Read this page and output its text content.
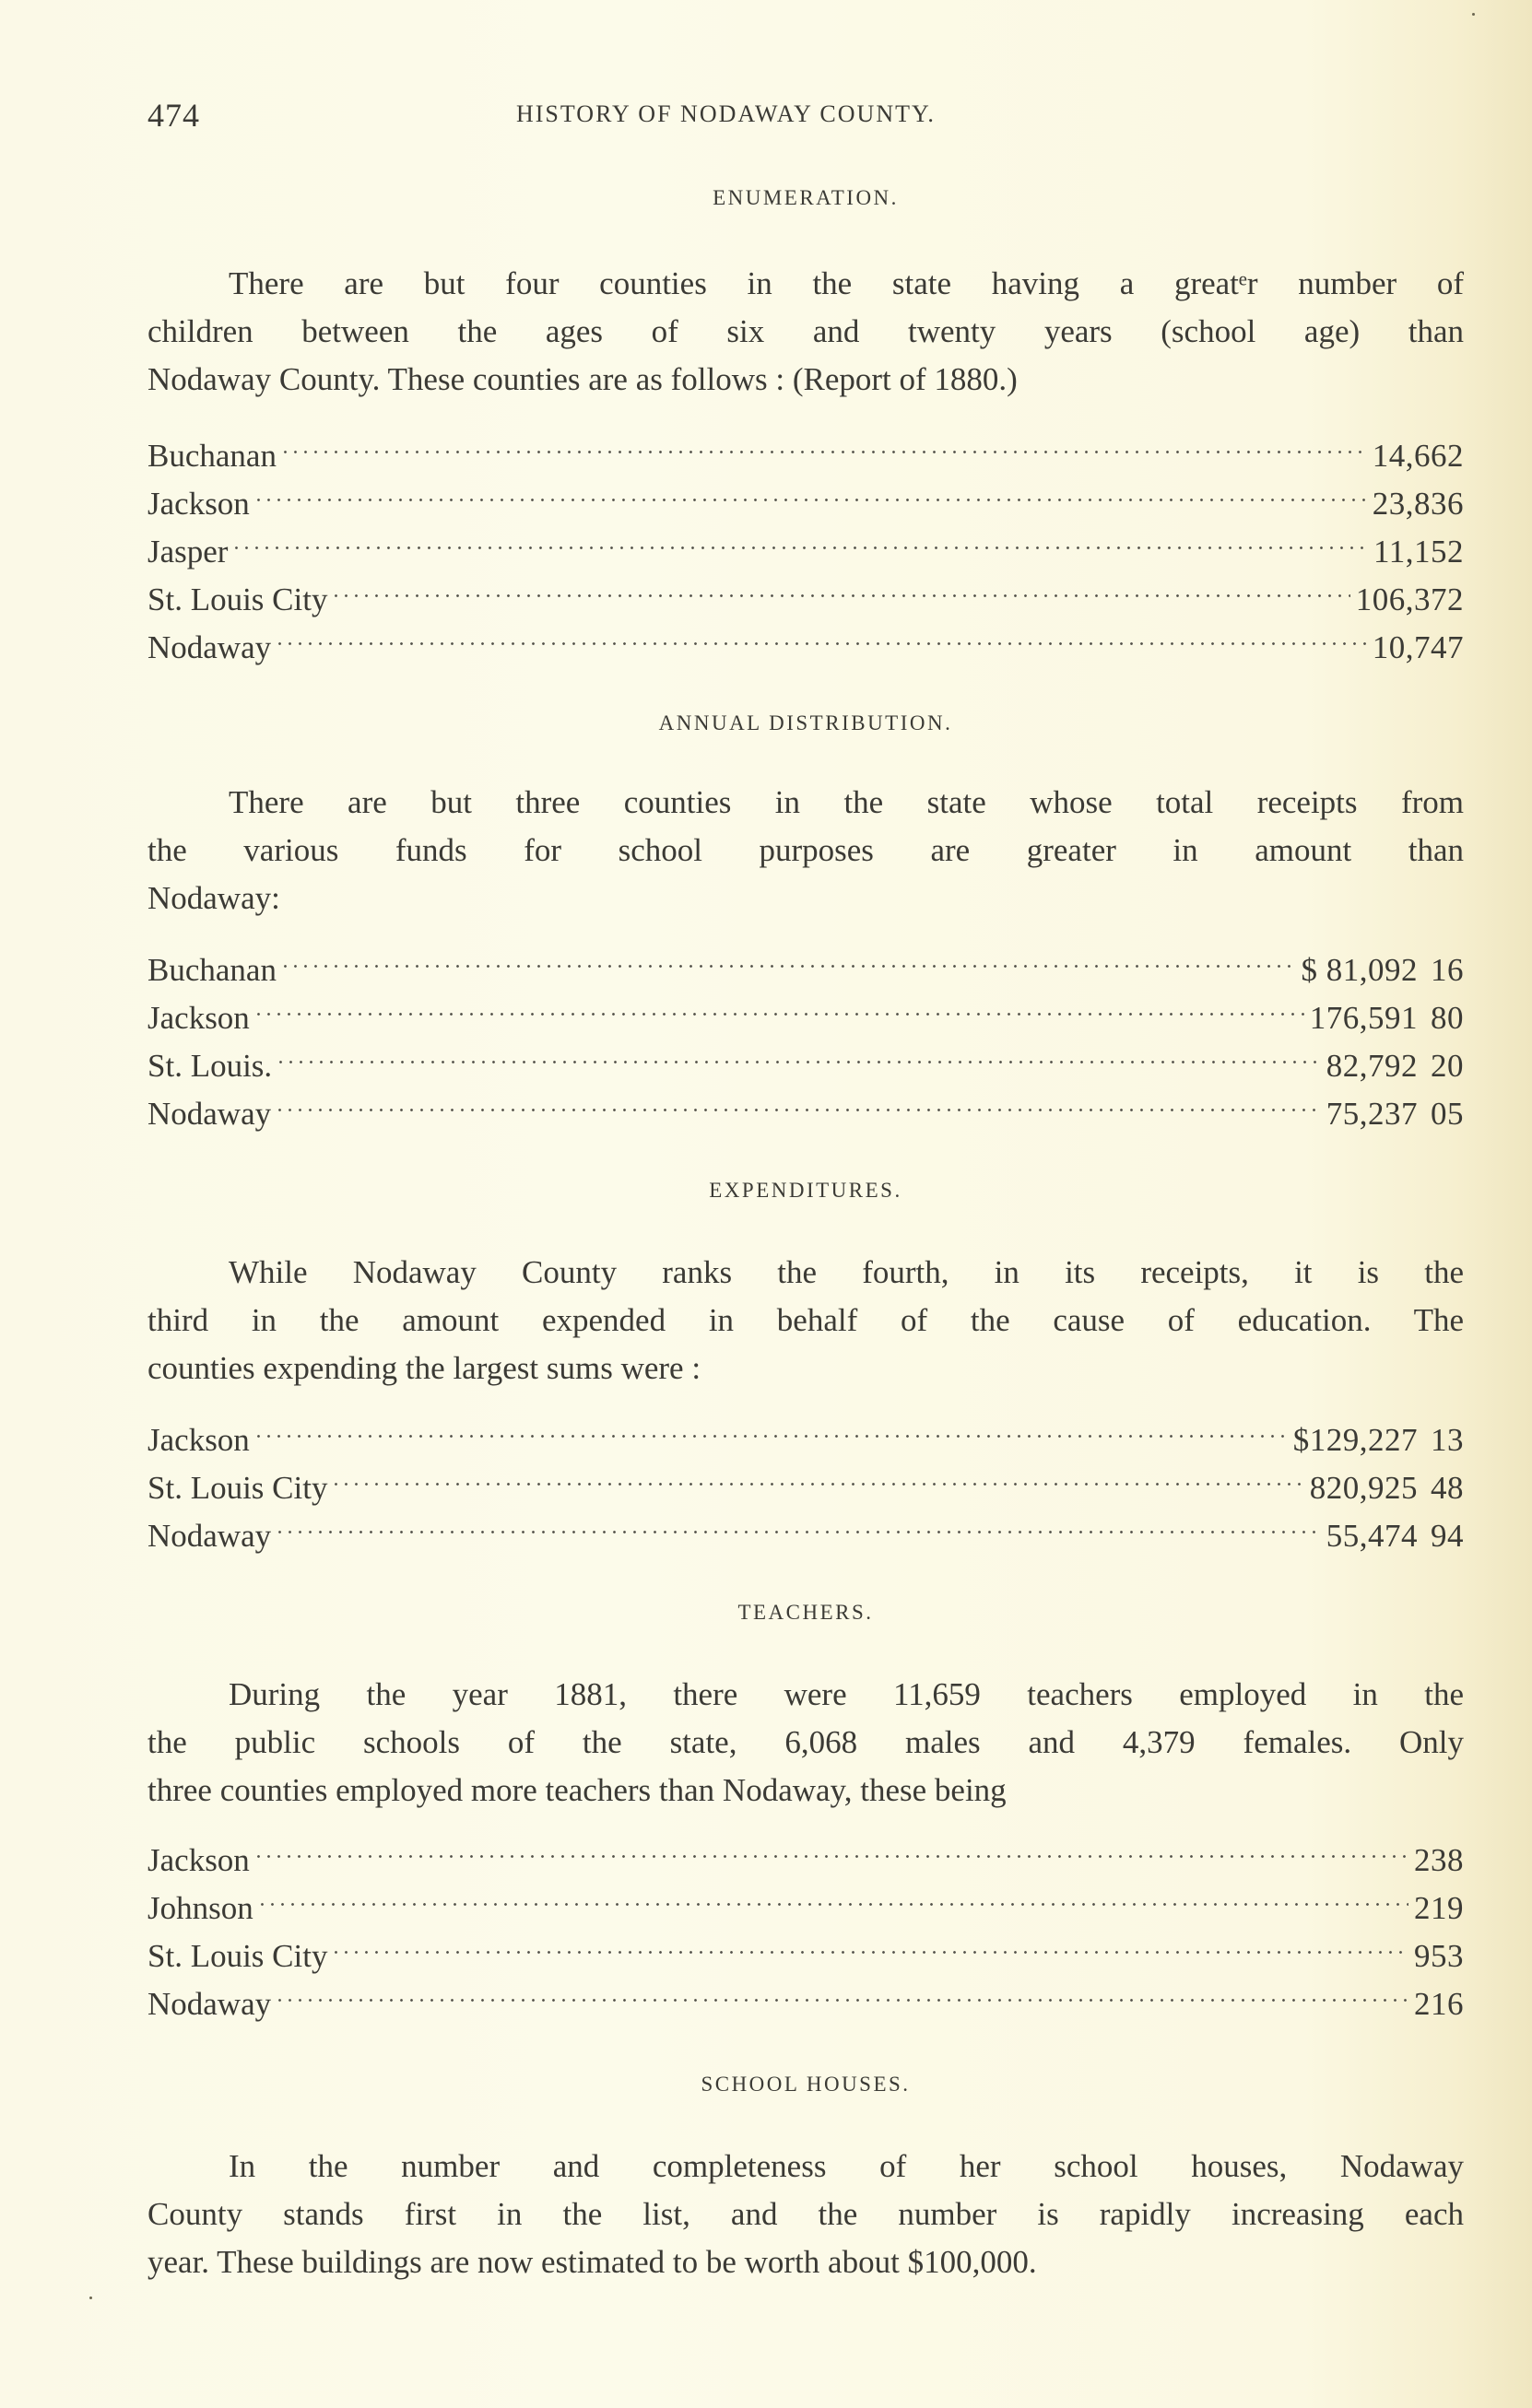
474	HISTORY OF NODAWAY COUNTY.
ENUMERATION.
There are but four counties in the state having a greatᵉr number of
children between the ages of six and twenty years (school age) than
Nodaway County. These counties are as follows : (Report of 1880.)
Buchanan	14,662
Jackson	23,836
Jasper	11,152
St. Louis City	106,372
Nodaway	10,747
ANNUAL DISTRIBUTION.
There are but three counties in the state whose total receipts from
the various funds for school purposes are greater in amount than
Nodaway:
Buchanan	$ 81,092 16
Jackson	176,591 80
St. Louis.	82,792 20
Nodaway	75,237 05
EXPENDITURES.
While Nodaway County ranks the fourth, in its receipts, it is the
third in the amount expended in behalf of the cause of education. The
counties expending the largest sums were :
Jackson	$129,227 13
St. Louis City	820,925 48
Nodaway	55,474 94
TEACHERS.
During the year 1881, there were 11,659 teachers employed in the
the public schools of the state, 6,068 males and 4,379 females. Only
three counties employed more teachers than Nodaway, these being
Jackson	238
Johnson	219
St. Louis City	953
Nodaway	216
SCHOOL HOUSES.
In the number and completeness of her school houses, Nodaway
County stands first in the list, and the number is rapidly increasing each
year. These buildings are now estimated to be worth about $100,000.
